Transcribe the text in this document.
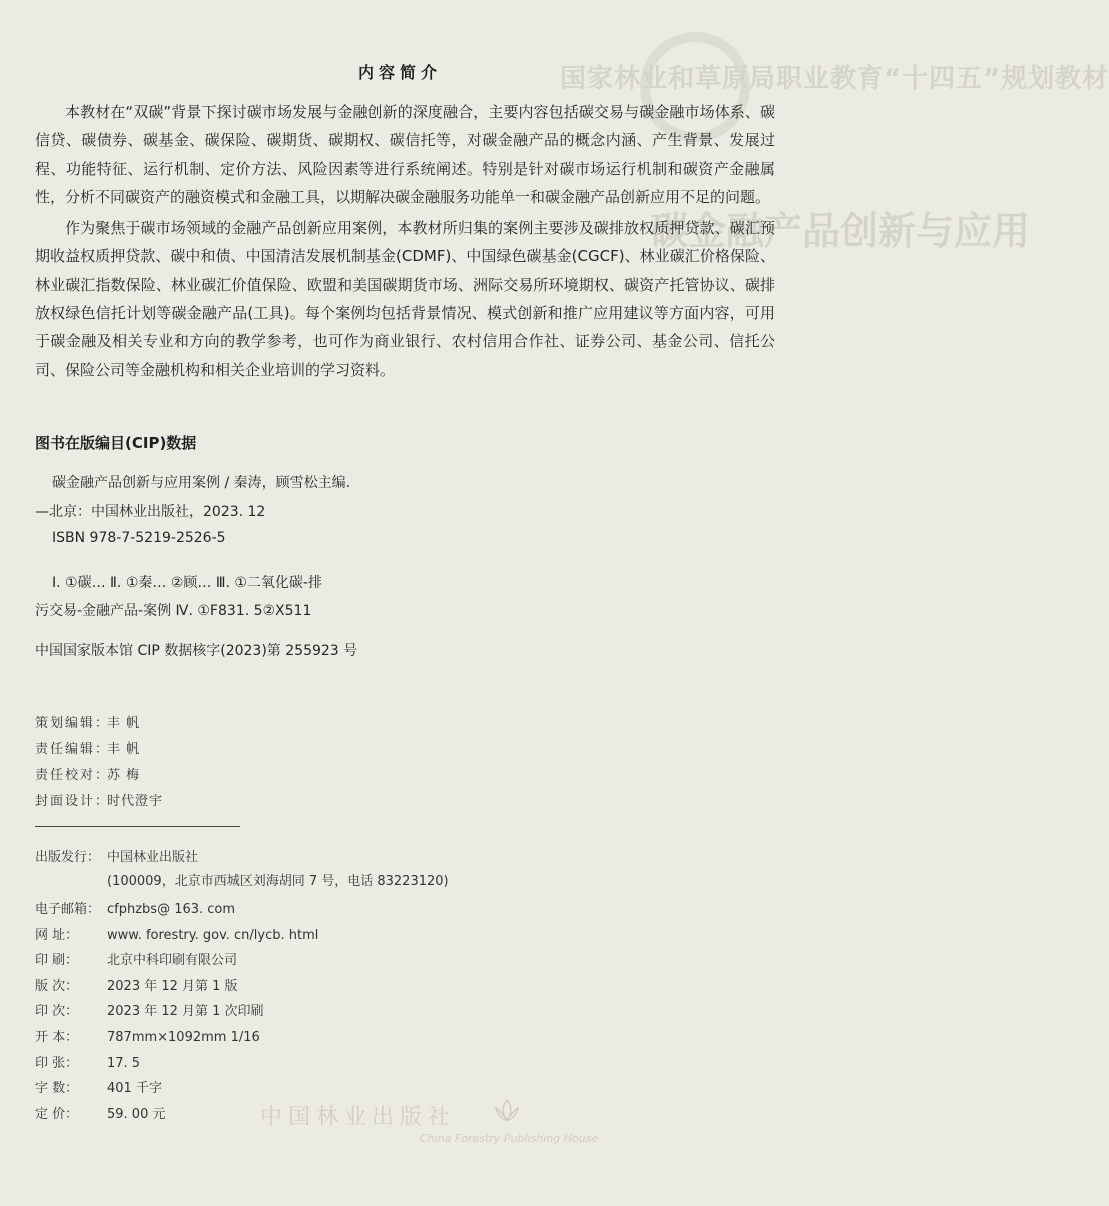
国家林业和草原局职业教育“十四五”规划教材
碳金融产品创新与应用
内容简介

本教材在“双碳”背景下探讨碳市场发展与金融创新的深度融合，主要内容包括碳交易与碳金融市场体系、碳信贷、碳债券、碳基金、碳保险、碳期货、碳期权、碳信托等，对碳金融产品的概念内涵、产生背景、发展过程、功能特征、运行机制、定价方法、风险因素等进行系统阐述。特别是针对碳市场运行机制和碳资产金融属性，分析不同碳资产的融资模式和金融工具，以期解决碳金融服务功能单一和碳金融产品创新应用不足的问题。

作为聚焦于碳市场领域的金融产品创新应用案例，本教材所归集的案例主要涉及碳排放权质押贷款、碳汇预期收益权质押贷款、碳中和债、中国清洁发展机制基金(CDMF)、中国绿色碳基金(CGCF)、林业碳汇价格保险、林业碳汇指数保险、林业碳汇价值保险、欧盟和美国碳期货市场、洲际交易所环境期权、碳资产托管协议、碳排放权绿色信托计划等碳金融产品(工具)。每个案例均包括背景情况、模式创新和推广应用建议等方面内容，可用于碳金融及相关专业和方向的教学参考，也可作为商业银行、农村信用合作社、证券公司、基金公司、信托公司、保险公司等金融机构和相关企业培训的学习资料。

图书在版编目(CIP)数据
碳金融产品创新与应用案例 / 秦涛，顾雪松主编.
—北京：中国林业出版社，2023. 12
ISBN 978-7-5219-2526-5
Ⅰ. ①碳… Ⅱ. ①秦… ②顾… Ⅲ. ①二氧化碳-排
污交易-金融产品-案例 Ⅳ. ①F831. 5②X511
中国国家版本馆 CIP 数据核字(2023)第 255923 号
策划编辑：丰 帆
责任编辑：丰 帆
责任校对：苏 梅
封面设计：时代澄宇
出版发行： 中国林业出版社
(100009，北京市西城区刘海胡同 7 号，电话 83223120)
电子邮箱： cfphzbs@ 163. com
网 址： www. forestry. gov. cn/lycb. html
印 刷： 北京中科印刷有限公司
版 次： 2023 年 12 月第 1 版
印 次： 2023 年 12 月第 1 次印刷
开 本： 787mm×1092mm 1/16
印 张： 17. 5
字 数： 401 千字
定 价： 59. 00 元	中国林业出版社
China Forestry Publishing House
